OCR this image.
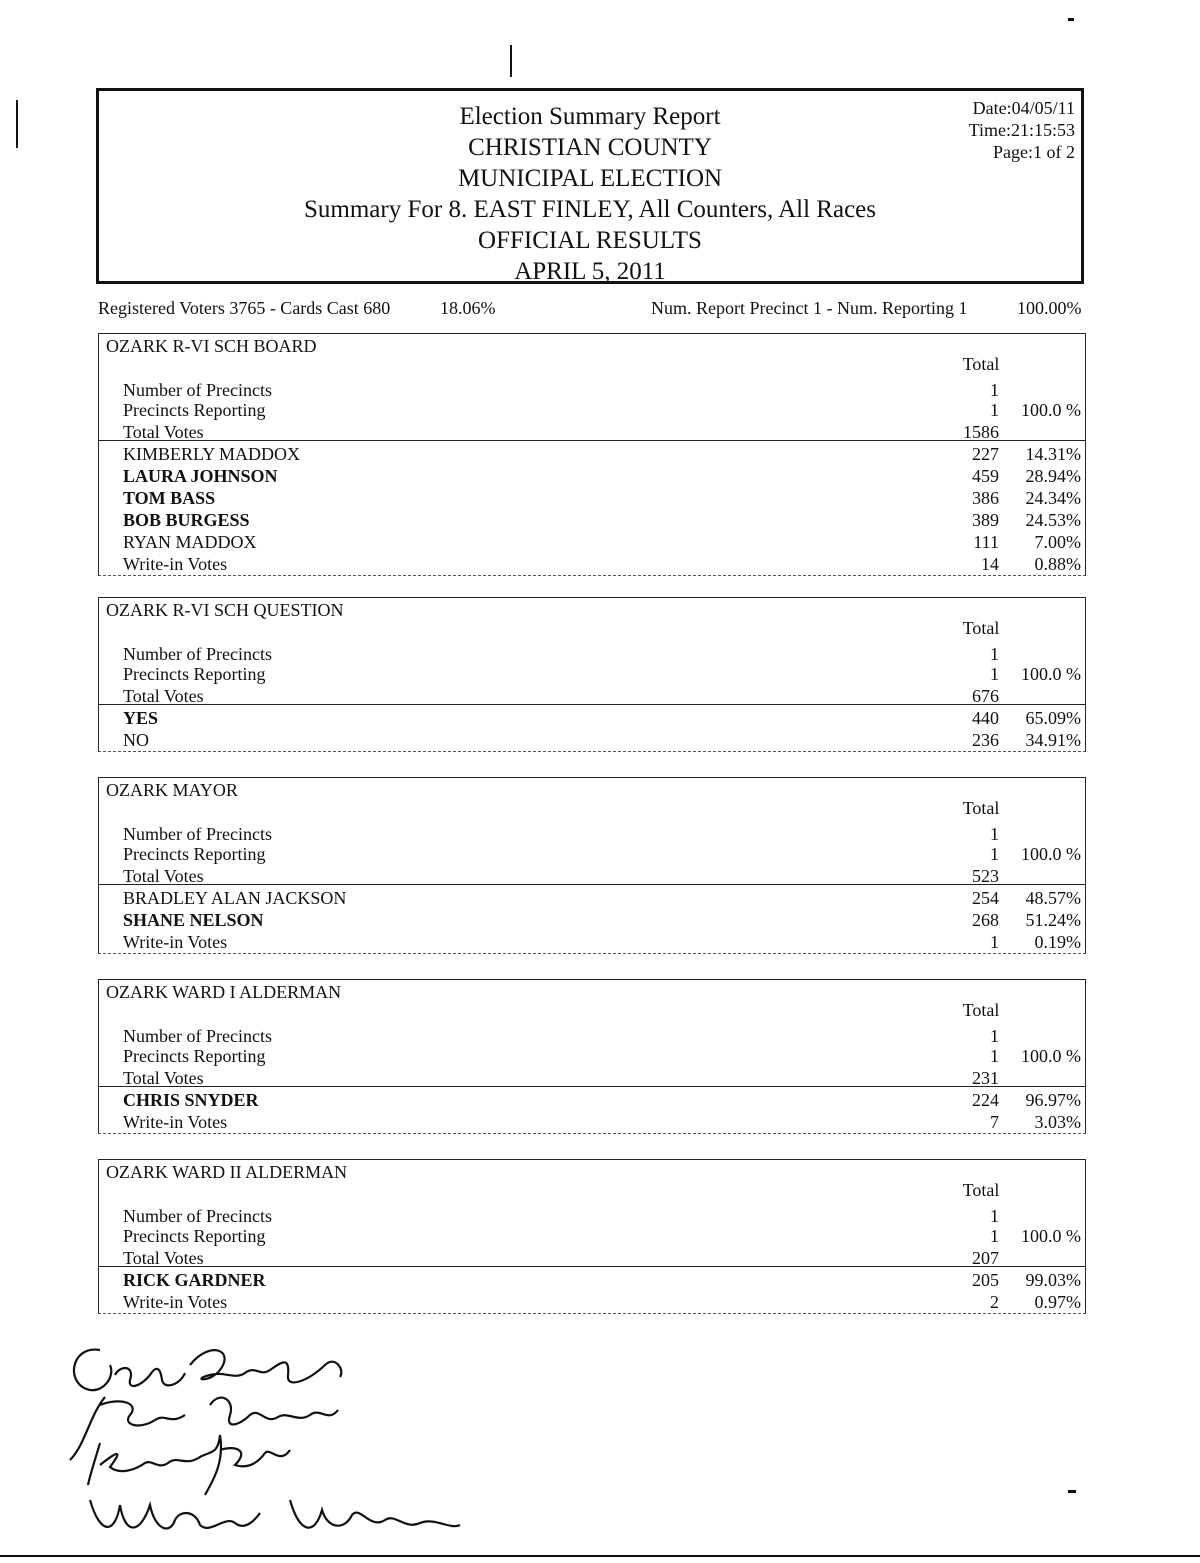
Election Summary Report
CHRISTIAN COUNTY
MUNICIPAL ELECTION
Summary For 8. EAST FINLEY, All Counters, All Races
OFFICIAL RESULTS
APRIL 5, 2011
Date:04/05/11
Time:21:15:53
Page:1 of 2
Registered Voters 3765 - Cards Cast 680	18.06%	Num. Report Precinct 1 - Num. Reporting 1	100.00%
OZARK R-VI SCH BOARD
Total
Number of Precincts	1
Precincts Reporting	1 100.0 %
Total Votes	1586
KIMBERLY MADDOX	227 14.31%
LAURA JOHNSON	459 28.94%
TOM BASS	386 24.34%
BOB BURGESS	389 24.53%
RYAN MADDOX	111 7.00%
Write-in Votes	14 0.88%
OZARK R-VI SCH QUESTION
Total
Number of Precincts	1
Precincts Reporting	1 100.0 %
Total Votes	676
YES	440 65.09%
NO	236 34.91%
OZARK MAYOR
Total
Number of Precincts	1
Precincts Reporting	1 100.0 %
Total Votes	523
BRADLEY ALAN JACKSON	254 48.57%
SHANE NELSON	268 51.24%
Write-in Votes	1 0.19%
OZARK WARD I ALDERMAN
Total
Number of Precincts	1
Precincts Reporting	1 100.0 %
Total Votes	231
CHRIS SNYDER	224 96.97%
Write-in Votes	7 3.03%
OZARK WARD II ALDERMAN
Total
Number of Precincts	1
Precincts Reporting	1 100.0 %
Total Votes	207
RICK GARDNER	205 99.03%
Write-in Votes	2 0.97%
